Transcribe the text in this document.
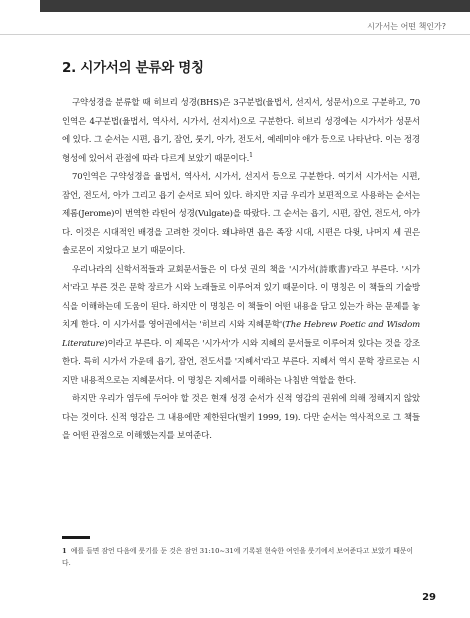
시가서는 어떤 책인가?
2. 시가서의 분류와 명칭

구약성경을 분류할 때 히브리 성경(BHS)은 3구분법(율법서, 선지서, 성문서)으로 구분하고, 70인역은 4구분법(율법서, 역사서, 시가서, 선지서)으로 구분한다. 히브리 성경에는 시가서가 성문서에 있다. 그 순서는 시편, 욥기, 잠언, 룻기, 아가, 전도서, 예레미야 애가 등으로 나타난다. 이는 정경형성에 있어서 관점에 따라 다르게 보았기 때문이다.$^1$

70인역은 구약성경을 율법서, 역사서, 시가서, 선지서 등으로 구분한다. 여기서 시가서는 시편, 잠언, 전도서, 아가 그리고 욥기 순서로 되어 있다. 하지만 지금 우리가 보편적으로 사용하는 순서는 제롬(Jerome)이 번역한 라틴어 성경(Vulgate)을 따랐다. 그 순서는 욥기, 시편, 잠언, 전도서, 아가다. 이것은 시대적인 배경을 고려한 것이다. 왜냐하면 욥은 족장 시대, 시편은 다윗, 나머지 세 권은 솔로몬이 지었다고 보기 때문이다.

우리나라의 신학서적들과 교회문서들은 이 다섯 권의 책을 '시가서(詩歌書)'라고 부른다. '시가서'라고 부른 것은 문학 장르가 시와 노래들로 이루어져 있기 때문이다. 이 명칭은 이 책들의 기술방식을 이해하는데 도움이 된다. 하지만 이 명칭은 이 책들이 어떤 내용을 담고 있는가 하는 문제를 놓치게 한다. 이 시가서를 영어권에서는 '히브리 시와 지혜문학'(The Hebrew Poetic and Wisdom Literature)이라고 부른다. 이 제목은 '시가서'가 시와 지혜의 문서들로 이루어져 있다는 것을 강조한다. 특히 시가서 가운데 욥기, 잠언, 전도서를 '지혜서'라고 부른다. 지혜서 역시 문학 장르로는 시지만 내용적으로는 지혜문서다. 이 명칭은 지혜서를 이해하는 나침반 역할을 한다.

하지만 우리가 염두에 두어야 할 것은 현재 성경 순서가 신적 영감의 권위에 의해 정해지지 않았다는 것이다. 신적 영감은 그 내용에만 제한된다(벌키 1999, 19). 다만 순서는 역사적으로 그 책들을 어떤 관점으로 이해했는지를 보여준다.

1 예를 들면 잠언 다음에 룻기를 둔 것은 잠언 31:10~31에 기록된 현숙한 여인을 룻기에서 보여준다고 보았기 때문이다.
29
